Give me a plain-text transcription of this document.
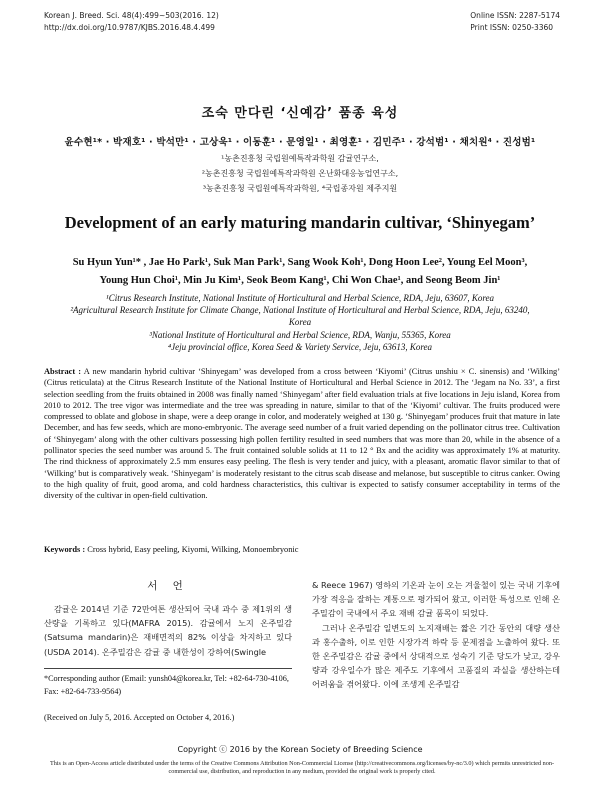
Korean J. Breed. Sci. 48(4):499~503(2016. 12)
http://dx.doi.org/10.9787/KJBS.2016.48.4.499
Online ISSN: 2287-5174
Print ISSN: 0250-3360
조숙 만다린 ‘신예감’ 품종 육성
윤수현¹* · 박재호¹ · 박석만¹ · 고상욱¹ · 이동훈¹ · 문영일¹ · 최영훈¹ · 김민주¹ · 강석범¹ · 채치원⁴ · 진성범¹
¹농촌진흥청 국립원예특작과학원 감귤연구소,
²농촌진흥청 국립원예특작과학원 온난화대응농업연구소,
³농촌진흥청 국립원예특작과학원, ⁴국립종자원 제주지원
Development of an early maturing mandarin cultivar, ‘Shinyegam’
Su Hyun Yun¹* , Jae Ho Park¹, Suk Man Park¹, Sang Wook Koh¹, Dong Hoon Lee², Young Eel Moon³,
Young Hun Choi¹, Min Ju Kim¹, Seok Beom Kang¹, Chi Won Chae¹, and Seong Beom Jin¹
¹Citrus Research Institute, National Institute of Horticultural and Herbal Science, RDA, Jeju, 63607, Korea
²Agricultural Research Institute for Climate Change, National Institute of Horticultural and Herbal Science, RDA, Jeju, 63240, Korea
³National Institute of Horticultural and Herbal Science, RDA, Wanju, 55365, Korea
⁴Jeju provincial office, Korea Seed & Variety Service, Jeju, 63613, Korea
Abstract : A new mandarin hybrid cultivar ‘Shinyegam’ was developed from a cross between ‘Kiyomi’ (Citrus unshiu × C. sinensis) and ‘Wilking’ (Citrus reticulata) at the Citrus Research Institute of the National Institute of Horticultural and Herbal Science in 2012. The ‘Jegam na No. 33’, a first selection seedling from the fruits obtained in 2008 was finally named ‘Shinyegam’ after field evaluation trials at five locations in Jeju island, Korea from 2010 to 2012. The tree vigor was intermediate and the tree was spreading in nature, similar to that of the ‘Kiyomi’ cultivar. The fruits produced were compressed to oblate and globose in shape, were a deep orange in color, and moderately weighed at 130 g. ‘Shinyegam’ produces fruit that mature in late December, and has few seeds, which are mono-embryonic. The average seed number of a fruit varied depending on the pollinator citrus tree. Cultivation of ‘Shinyegam’ along with the other cultivars possessing high pollen fertility resulted in seed numbers that was more than 20, while in the absence of a pollinator species the seed number was around 5. The fruit contained soluble solids at 11 to 12 ° Bx and the acidity was approximately 1% at maturity. The rind thickness of approximately 2.5 mm ensures easy peeling. The flesh is very tender and juicy, with a pleasant, aromatic flavor similar to that of ‘Wilking’ but is comparatively weak. ‘Shinyegam’ is moderately resistant to the citrus scab disease and melanose, but susceptible to citrus canker. Owing to the high quality of fruit, good aroma, and cold hardness characteristics, this cultivar is expected to satisfy consumer acceptability in terms of the diversity of the cultivar in open-field cultivation.
Keywords : Cross hybrid, Easy peeling, Kiyomi, Wilking, Monoembryonic
서 언
감귤은 2014년 기준 72만여톤 생산되어 국내 과수 중 제1위의 생산량을 기록하고 있다(MAFRA 2015). 감귤에서 노지 온주밀감(Satsuma mandarin)은 재배면적의 82% 이상을 차지하고 있다(USDA 2014). 온주밀감은 감귤 중 내한성이 강하여(Swingle
& Reece 1967) 영하의 기온과 눈이 오는 겨울철이 있는 국내 기후에 가장 적응을 잘하는 계통으로 평가되어 왔고, 이러한 특성으로 인해 온주밀감이 국내에서 주요 재배 감귤 품목이 되었다.
그러나 온주밀감 일변도의 노지재배는 짧은 기간 동안의 대량 생산과 홍수출하, 이로 인한 시장가격 하락 등 문제점을 노출하여 왔다. 또한 온주밀감은 감귤 중에서 상대적으로 성숙기 기준 당도가 낮고, 강우량과 강우일수가 많은 제주도 기후에서 고품질의 과실을 생산하는데 어려움을 겪어왔다. 이에 조생계 온주밀감
*Corresponding author (Email: yunsh04@korea.kr, Tel: +82-64-730-4106, Fax: +82-64-733-9564)
(Received on July 5, 2016. Accepted on October 4, 2016.)
Copyright ⓒ 2016 by the Korean Society of Breeding Science
This is an Open-Access article distributed under the terms of the Creative Commons Attribution Non-Commercial License (http://creativecommons.org/licenses/by-nc/3.0) which permits unrestricted non-commercial use, distribution, and reproduction in any medium, provided the original work is properly cited.
